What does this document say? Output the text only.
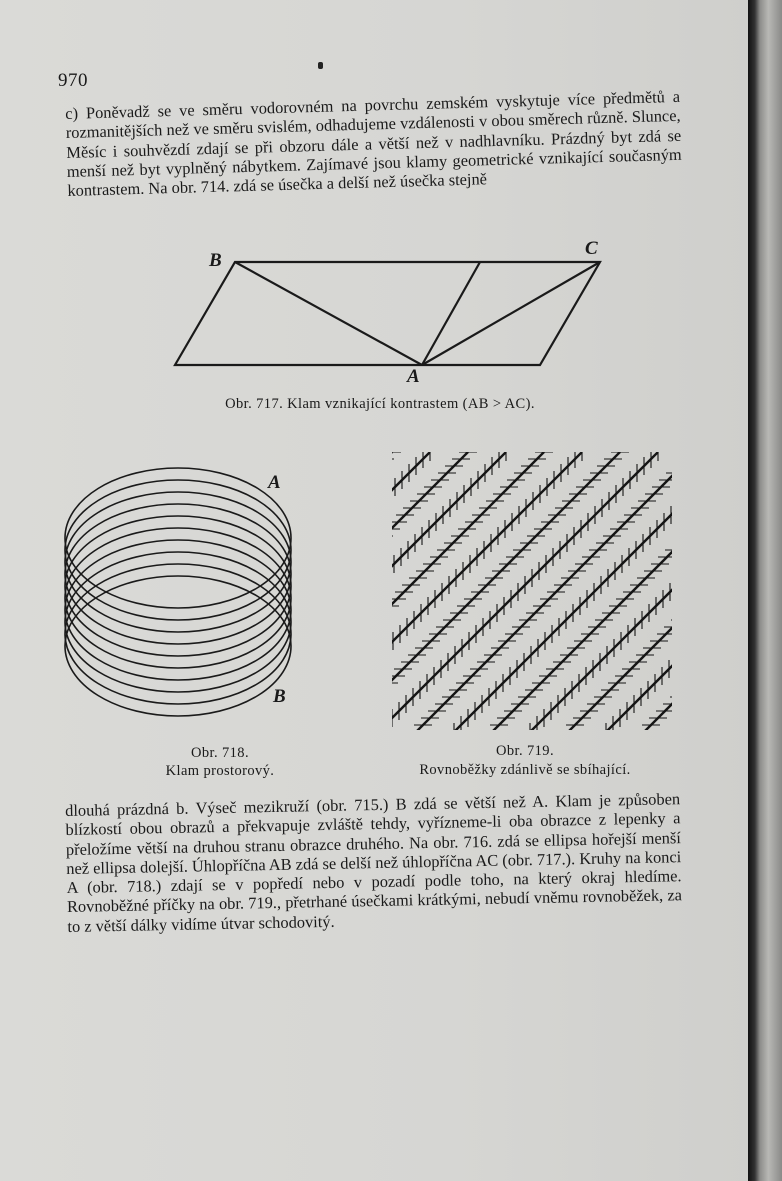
970

c) Poněvadž se ve směru vodorovném na povrchu zemském vyskytuje více předmětů a rozmanitějších než ve směru svislém, odhadujeme vzdálenosti v obou směrech různě. Slunce, Měsíc i souhvězdí zdají se při obzoru dále a větší než v nadhlavníku. Prázdný byt zdá se menší než byt vyplněný nábytkem. Zajímavé jsou klamy geometrické vznikající současným kontrastem. Na obr. 714. zdá se úsečka a delší než úsečka stejně

B
C
A
Obr. 717. Klam vznikající kontrastem (AB > AC).
A
B
Obr. 718.
Klam prostorový.
Obr. 719.
Rovnoběžky zdánlivě se sbíhající.

dlouhá prázdná b. Výseč mezikruží (obr. 715.) B zdá se větší než A. Klam je způsoben blízkostí obou obrazů a překvapuje zvláště tehdy, vyřízneme-li oba obrazce z lepenky a přeložíme větší na druhou stranu obrazce druhého. Na obr. 716. zdá se ellipsa hořejší menší než ellipsa dolejší. Úhlopříčna AB zdá se delší než úhlopříčna AC (obr. 717.). Kruhy na konci A (obr. 718.) zdají se v popředí nebo v pozadí podle toho, na který okraj hledíme. Rovnoběžné příčky na obr. 719., přetrhané úsečkami krátkými, nebudí vněmu rovnoběžek, za to z větší dálky vidíme útvar schodovitý.
